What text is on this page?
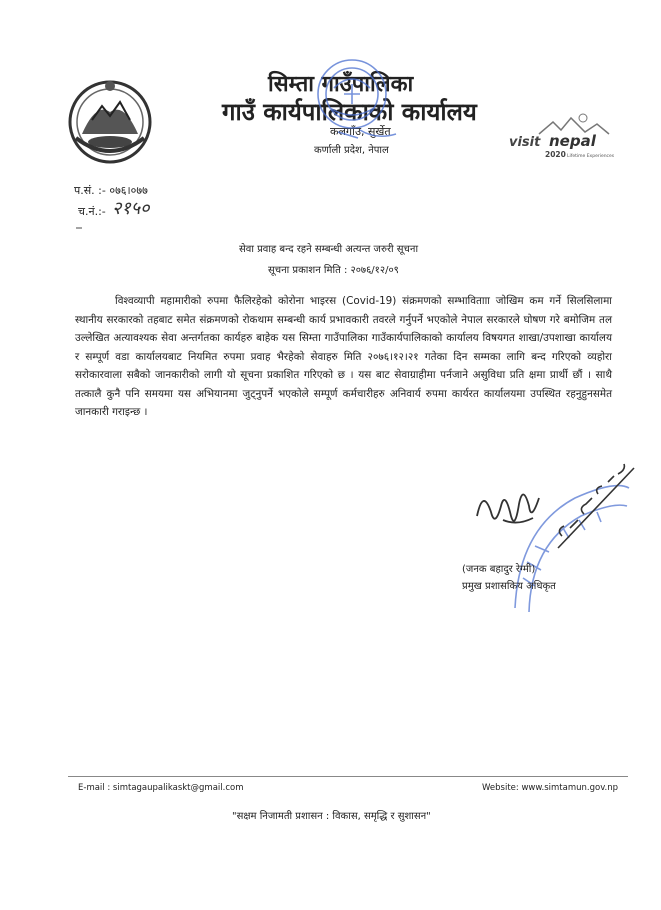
सिम्ता गाउँपालिका
गाउँ कार्यपालिकाको कार्यालय
कलगाँउ, सुर्खेत
कर्णाली प्रदेश, नेपाल
visit nepal
2020 Lifetime Experiences
प.सं. :- ०७६।०७७
च.नं.:- २१५०
सेवा प्रवाह बन्द रहने सम्बन्धी अत्यन्त जरुरी सूचना
सूचना प्रकाशन मिति : २०७६/१२/०९

विश्वव्यापी महामारीको रुपमा फैलिरहेको कोरोना भाइरस (Covid-19) संक्रमणको सम्भावितााा जोखिम कम गर्ने सिलसिलामा स्थानीय सरकारको तहबाट समेत संक्रमणको रोकथाम सम्बन्धी कार्य प्रभावकारी तवरले गर्नुपर्ने भएकोले नेपाल सरकारले घोषण गरे बमोजिम तल उल्लेखित अत्यावश्यक सेवा अन्तर्गतका कार्यहरु बाहेक यस सिम्ता गाउँपालिका गाउँकार्यपालिकाको कार्यालय विषयगत शाखा/उपशाखा कार्यालय र सम्पूर्ण वडा कार्यालयबाट नियमित रुपमा प्रवाह भैरहेको सेवाहरु मिति २०७६।१२।२१ गतेका दिन सम्मका लागि बन्द गरिएको व्यहोरा सरोकारवाला सबैको जानकारीको लागी यो सूचना प्रकाशित गरिएको छ । यस बाट सेवाग्राहीमा पर्नजाने असुविधा प्रति क्षमा प्रार्थी छौं । साथै तत्कालै कुनै पनि समयमा यस अभियानमा जुट्नुपर्ने भएकोले सम्पूर्ण कर्मचारीहरु अनिवार्य रुपमा कार्यरत कार्यालयमा उपस्थित रहनुहुनसमेत जानकारी गराइन्छ ।

(जनक बहादुर रेग्मी)
प्रमुख प्रशासकिय अधिकृत
E-mail : simtagaupalikaskt@gmail.com	Website: www.simtamun.gov.np
"सक्षम निजामती प्रशासन : विकास, समृद्धि र सुशासन"
